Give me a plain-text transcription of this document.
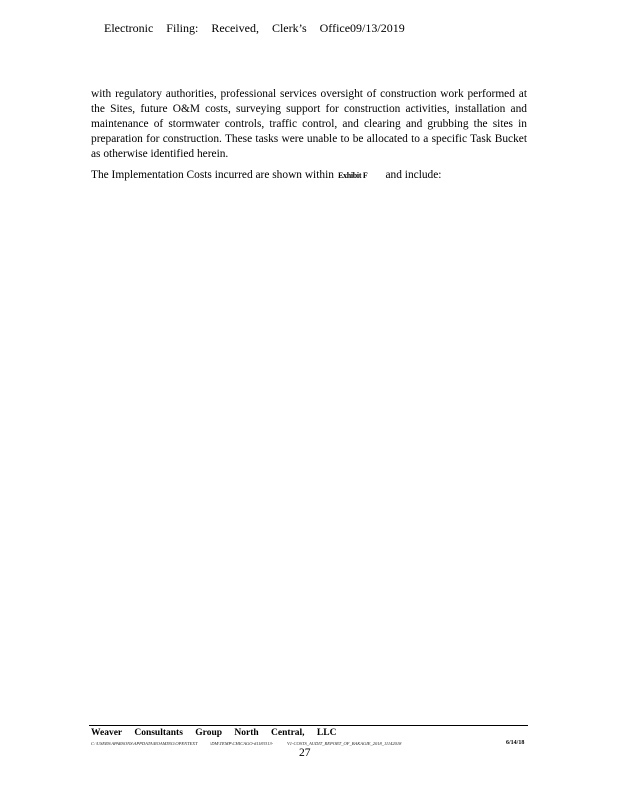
Electronic Filing: Received, Clerk’s Office09/13/2019
with regulatory authorities, professional services oversight of construction work performed at the Sites, future O&M costs, surveying support for construction activities, installation and maintenance of stormwater controls, traffic control, and clearing and grubbing the sites in preparation for construction. These tasks were unable to be allocated to a specific Task Bucket as otherwise identified herein.
The Implementation Costs incurred are shown within Exhibit F and include:
Weaver Consultants Group North Central, LLC
C:\USERS\APARSONS\APPDATA\ROAMING\OPENTEXT	\DM\TEMP\CHICAGO-#1183313-	V1-COSTS_AUDIT_REPORT_OF_BAKAGIE_2018_11142018	6/14/18
27
